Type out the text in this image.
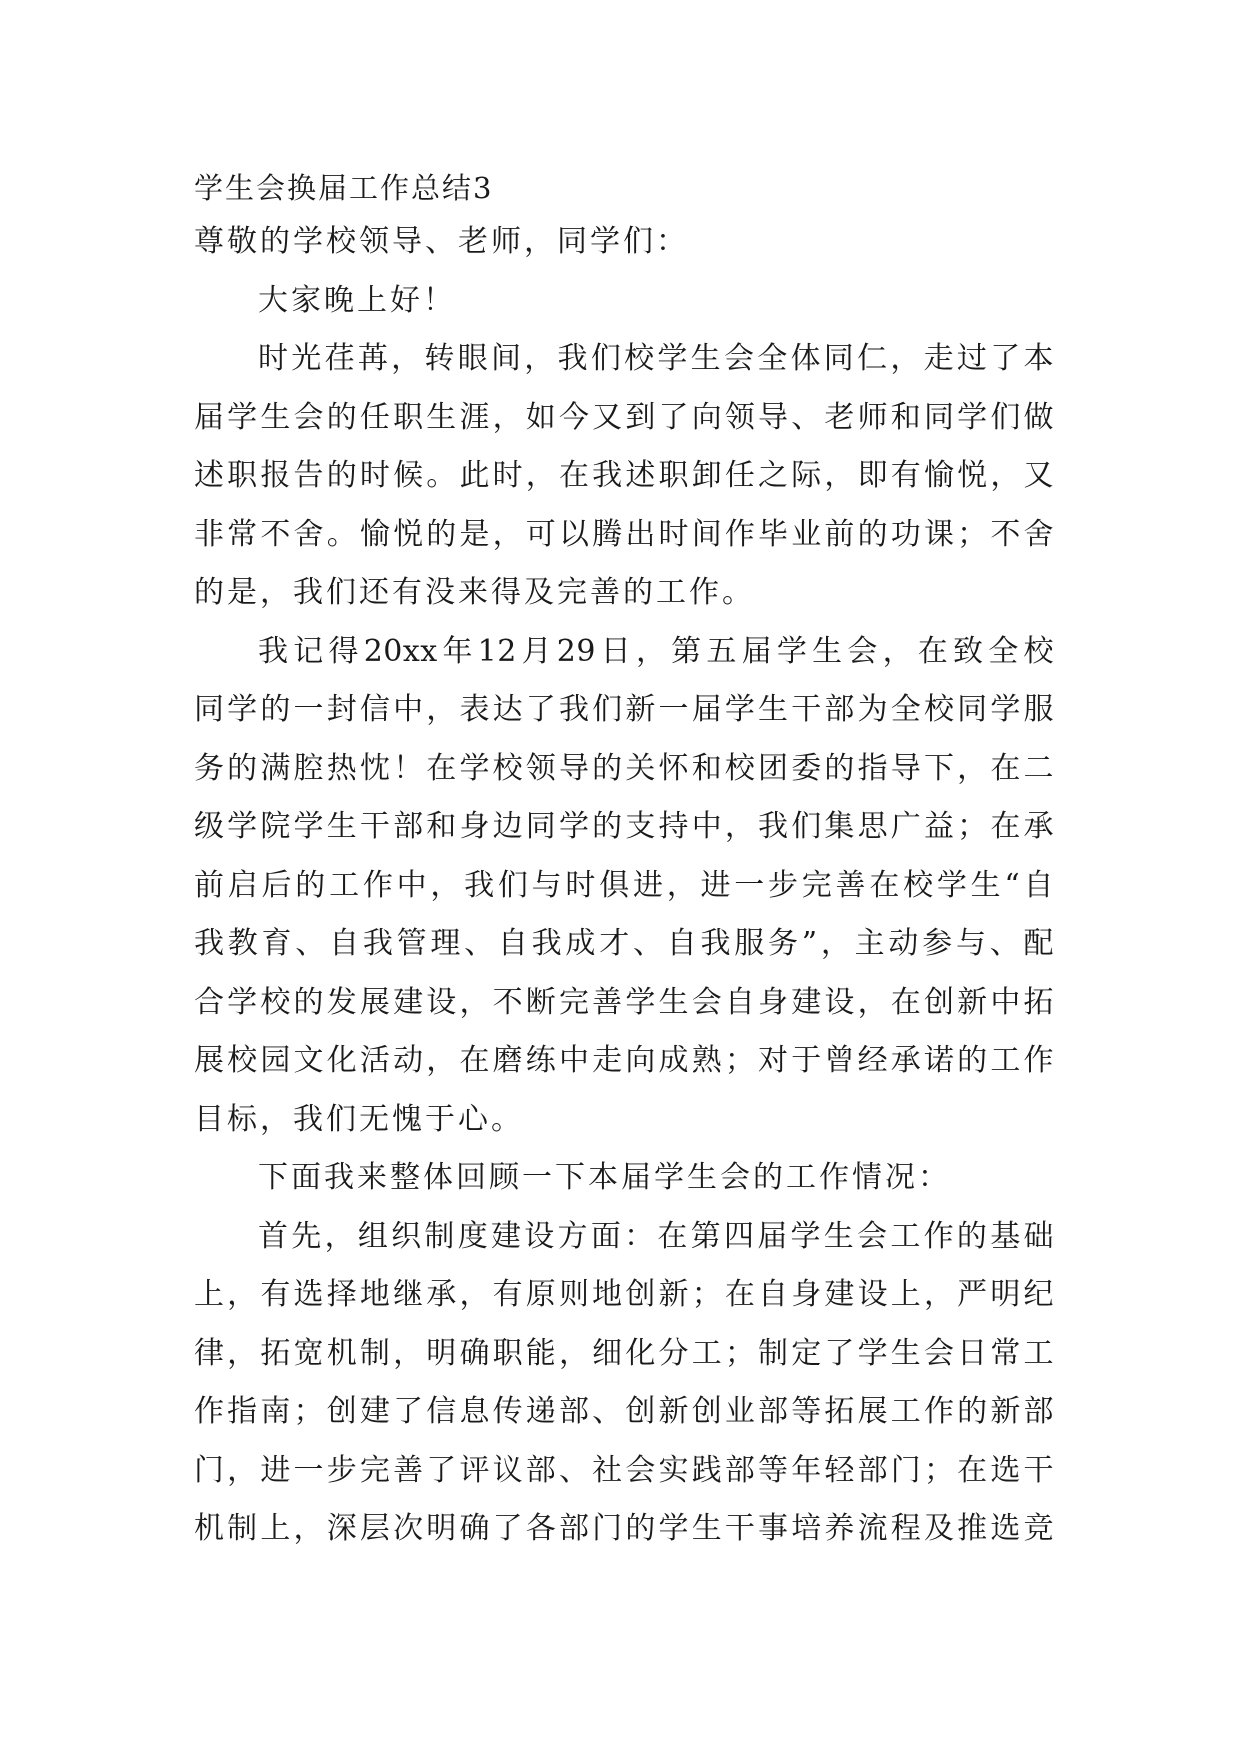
学生会换届工作总结3
尊敬的学校领导、老师，同学们：
大家晚上好！
时光荏苒，转眼间，我们校学生会全体同仁，走过了本
届学生会的任职生涯，如今又到了向领导、老师和同学们做
述职报告的时候。此时，在我述职卸任之际，即有愉悦，又
非常不舍。愉悦的是，可以腾出时间作毕业前的功课；不舍
的是，我们还有没来得及完善的工作。
我记得20xx年12月29日，第五届学生会，在致全校
同学的一封信中，表达了我们新一届学生干部为全校同学服
务的满腔热忱！在学校领导的关怀和校团委的指导下，在二
级学院学生干部和身边同学的支持中，我们集思广益；在承
前启后的工作中，我们与时俱进，进一步完善在校学生“自
我教育、自我管理、自我成才、自我服务”，主动参与、配
合学校的发展建设，不断完善学生会自身建设，在创新中拓
展校园文化活动，在磨练中走向成熟；对于曾经承诺的工作
目标，我们无愧于心。
下面我来整体回顾一下本届学生会的工作情况：
首先，组织制度建设方面：在第四届学生会工作的基础
上，有选择地继承，有原则地创新；在自身建设上，严明纪
律，拓宽机制，明确职能，细化分工；制定了学生会日常工
作指南；创建了信息传递部、创新创业部等拓展工作的新部
门，进一步完善了评议部、社会实践部等年轻部门；在选干
机制上，深层次明确了各部门的学生干事培养流程及推选竞
